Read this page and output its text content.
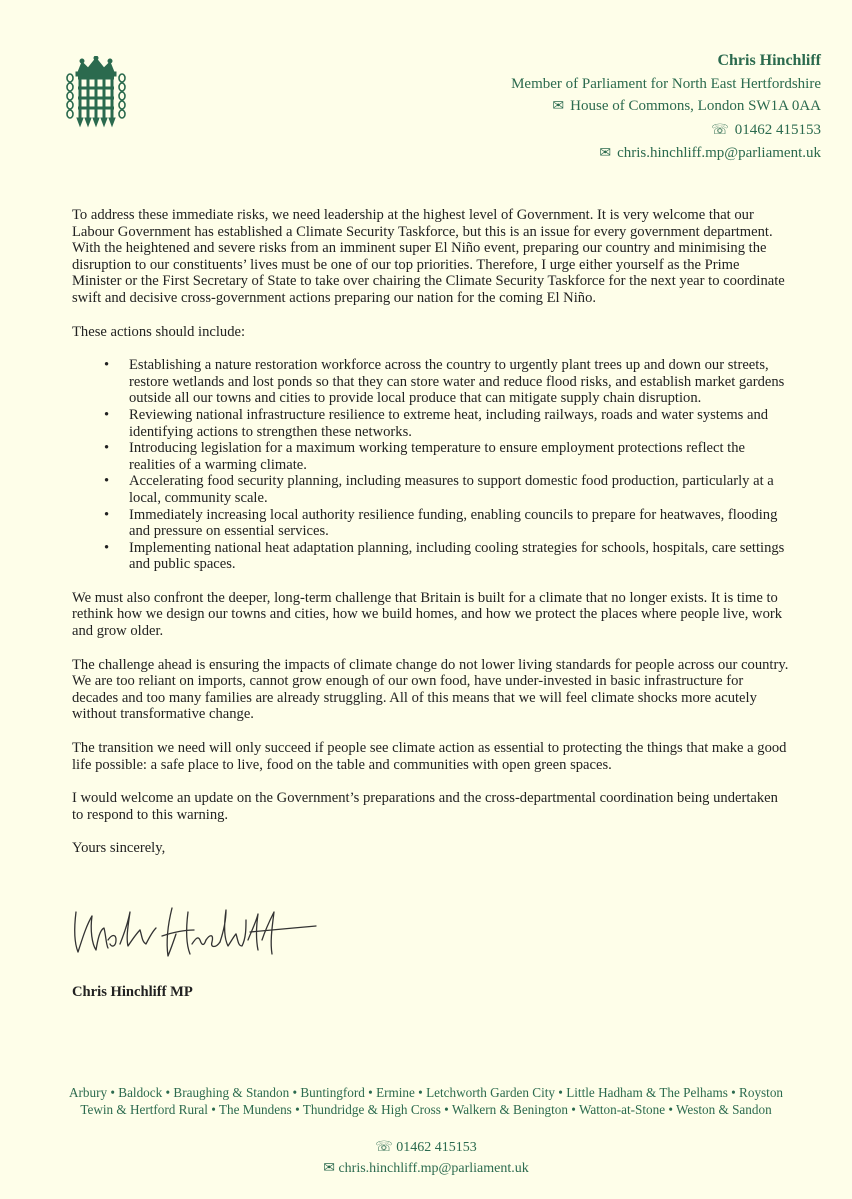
Chris Hinchliff
Member of Parliament for North East Hertfordshire
✉ House of Commons, London SW1A 0AA
☏ 01462 415153
✉ chris.hinchliff.mp@parliament.uk

To address these immediate risks, we need leadership at the highest level of Government. It is very welcome that our Labour Government has established a Climate Security Taskforce, but this is an issue for every government department. With the heightened and severe risks from an imminent super El Niño event, preparing our country and minimising the disruption to our constituents’ lives must be one of our top priorities. Therefore, I urge either yourself as the Prime Minister or the First Secretary of State to take over chairing the Climate Security Taskforce for the next year to coordinate swift and decisive cross-government actions preparing our nation for the coming El Niño.

These actions should include:

• Establishing a nature restoration workforce across the country to urgently plant trees up and down our streets, restore wetlands and lost ponds so that they can store water and reduce flood risks, and establish market gardens outside all our towns and cities to provide local produce that can mitigate supply chain disruption.
• Reviewing national infrastructure resilience to extreme heat, including railways, roads and water systems and identifying actions to strengthen these networks.
• Introducing legislation for a maximum working temperature to ensure employment protections reflect the realities of a warming climate.
• Accelerating food security planning, including measures to support domestic food production, particularly at a local, community scale.
• Immediately increasing local authority resilience funding, enabling councils to prepare for heatwaves, flooding and pressure on essential services.
• Implementing national heat adaptation planning, including cooling strategies for schools, hospitals, care settings and public spaces.

We must also confront the deeper, long-term challenge that Britain is built for a climate that no longer exists. It is time to rethink how we design our towns and cities, how we build homes, and how we protect the places where people live, work and grow older.

The challenge ahead is ensuring the impacts of climate change do not lower living standards for people across our country. We are too reliant on imports, cannot grow enough of our own food, have under-invested in basic infrastructure for decades and too many families are already struggling. All of this means that we will feel climate shocks more acutely without transformative change.

The transition we need will only succeed if people see climate action as essential to protecting the things that make a good life possible: a safe place to live, food on the table and communities with open green spaces.

I would welcome an update on the Government’s preparations and the cross-departmental coordination being undertaken to respond to this warning.

Yours sincerely,

Chris Hinchliff MP
Arbury • Baldock • Braughing & Standon • Buntingford • Ermine • Letchworth Garden City • Little Hadham & The Pelhams • Royston
Tewin & Hertford Rural • The Mundens • Thundridge & High Cross • Walkern & Benington • Watton-at-Stone • Weston & Sandon
☏ 01462 415153
✉ chris.hinchliff.mp@parliament.uk
